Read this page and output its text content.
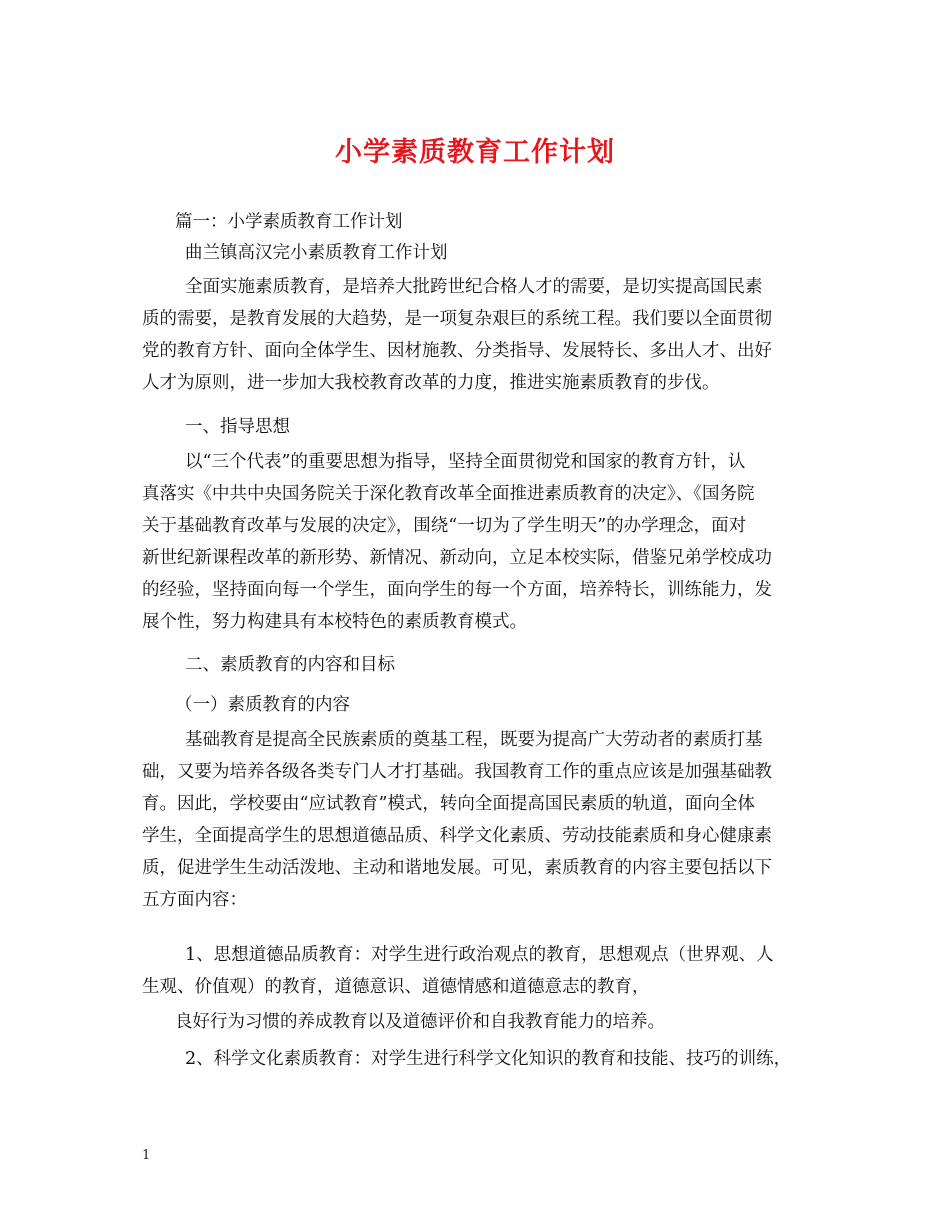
小学素质教育工作计划
篇一：小学素质教育工作计划
曲兰镇高汉完小素质教育工作计划
全面实施素质教育，是培养大批跨世纪合格人才的需要，是切实提高国民素
质的需要，是教育发展的大趋势，是一项复杂艰巨的系统工程。我们要以全面贯彻
党的教育方针、面向全体学生、因材施教、分类指导、发展特长、多出人才、出好
人才为原则，进一步加大我校教育改革的力度，推进实施素质教育的步伐。
一、指导思想
以“三个代表”的重要思想为指导，坚持全面贯彻党和国家的教育方针，认
真落实《中共中央国务院关于深化教育改革全面推进素质教育的决定》、《国务院
关于基础教育改革与发展的决定》，围绕“一切为了学生明天”的办学理念，面对
新世纪新课程改革的新形势、新情况、新动向，立足本校实际，借鉴兄弟学校成功
的经验，坚持面向每一个学生，面向学生的每一个方面，培养特长，训练能力，发
展个性，努力构建具有本校特色的素质教育模式。
二、素质教育的内容和目标
（一）素质教育的内容
基础教育是提高全民族素质的奠基工程，既要为提高广大劳动者的素质打基
础，又要为培养各级各类专门人才打基础。我国教育工作的重点应该是加强基础教
育。因此，学校要由“应试教育”模式，转向全面提高国民素质的轨道，面向全体
学生，全面提高学生的思想道德品质、科学文化素质、劳动技能素质和身心健康素
质，促进学生生动活泼地、主动和谐地发展。可见，素质教育的内容主要包括以下
五方面内容：
1、思想道德品质教育：对学生进行政治观点的教育，思想观点（世界观、人
生观、价值观）的教育，道德意识、道德情感和道德意志的教育，
良好行为习惯的养成教育以及道德评价和自我教育能力的培养。
2、科学文化素质教育：对学生进行科学文化知识的教育和技能、技巧的训练，
1
